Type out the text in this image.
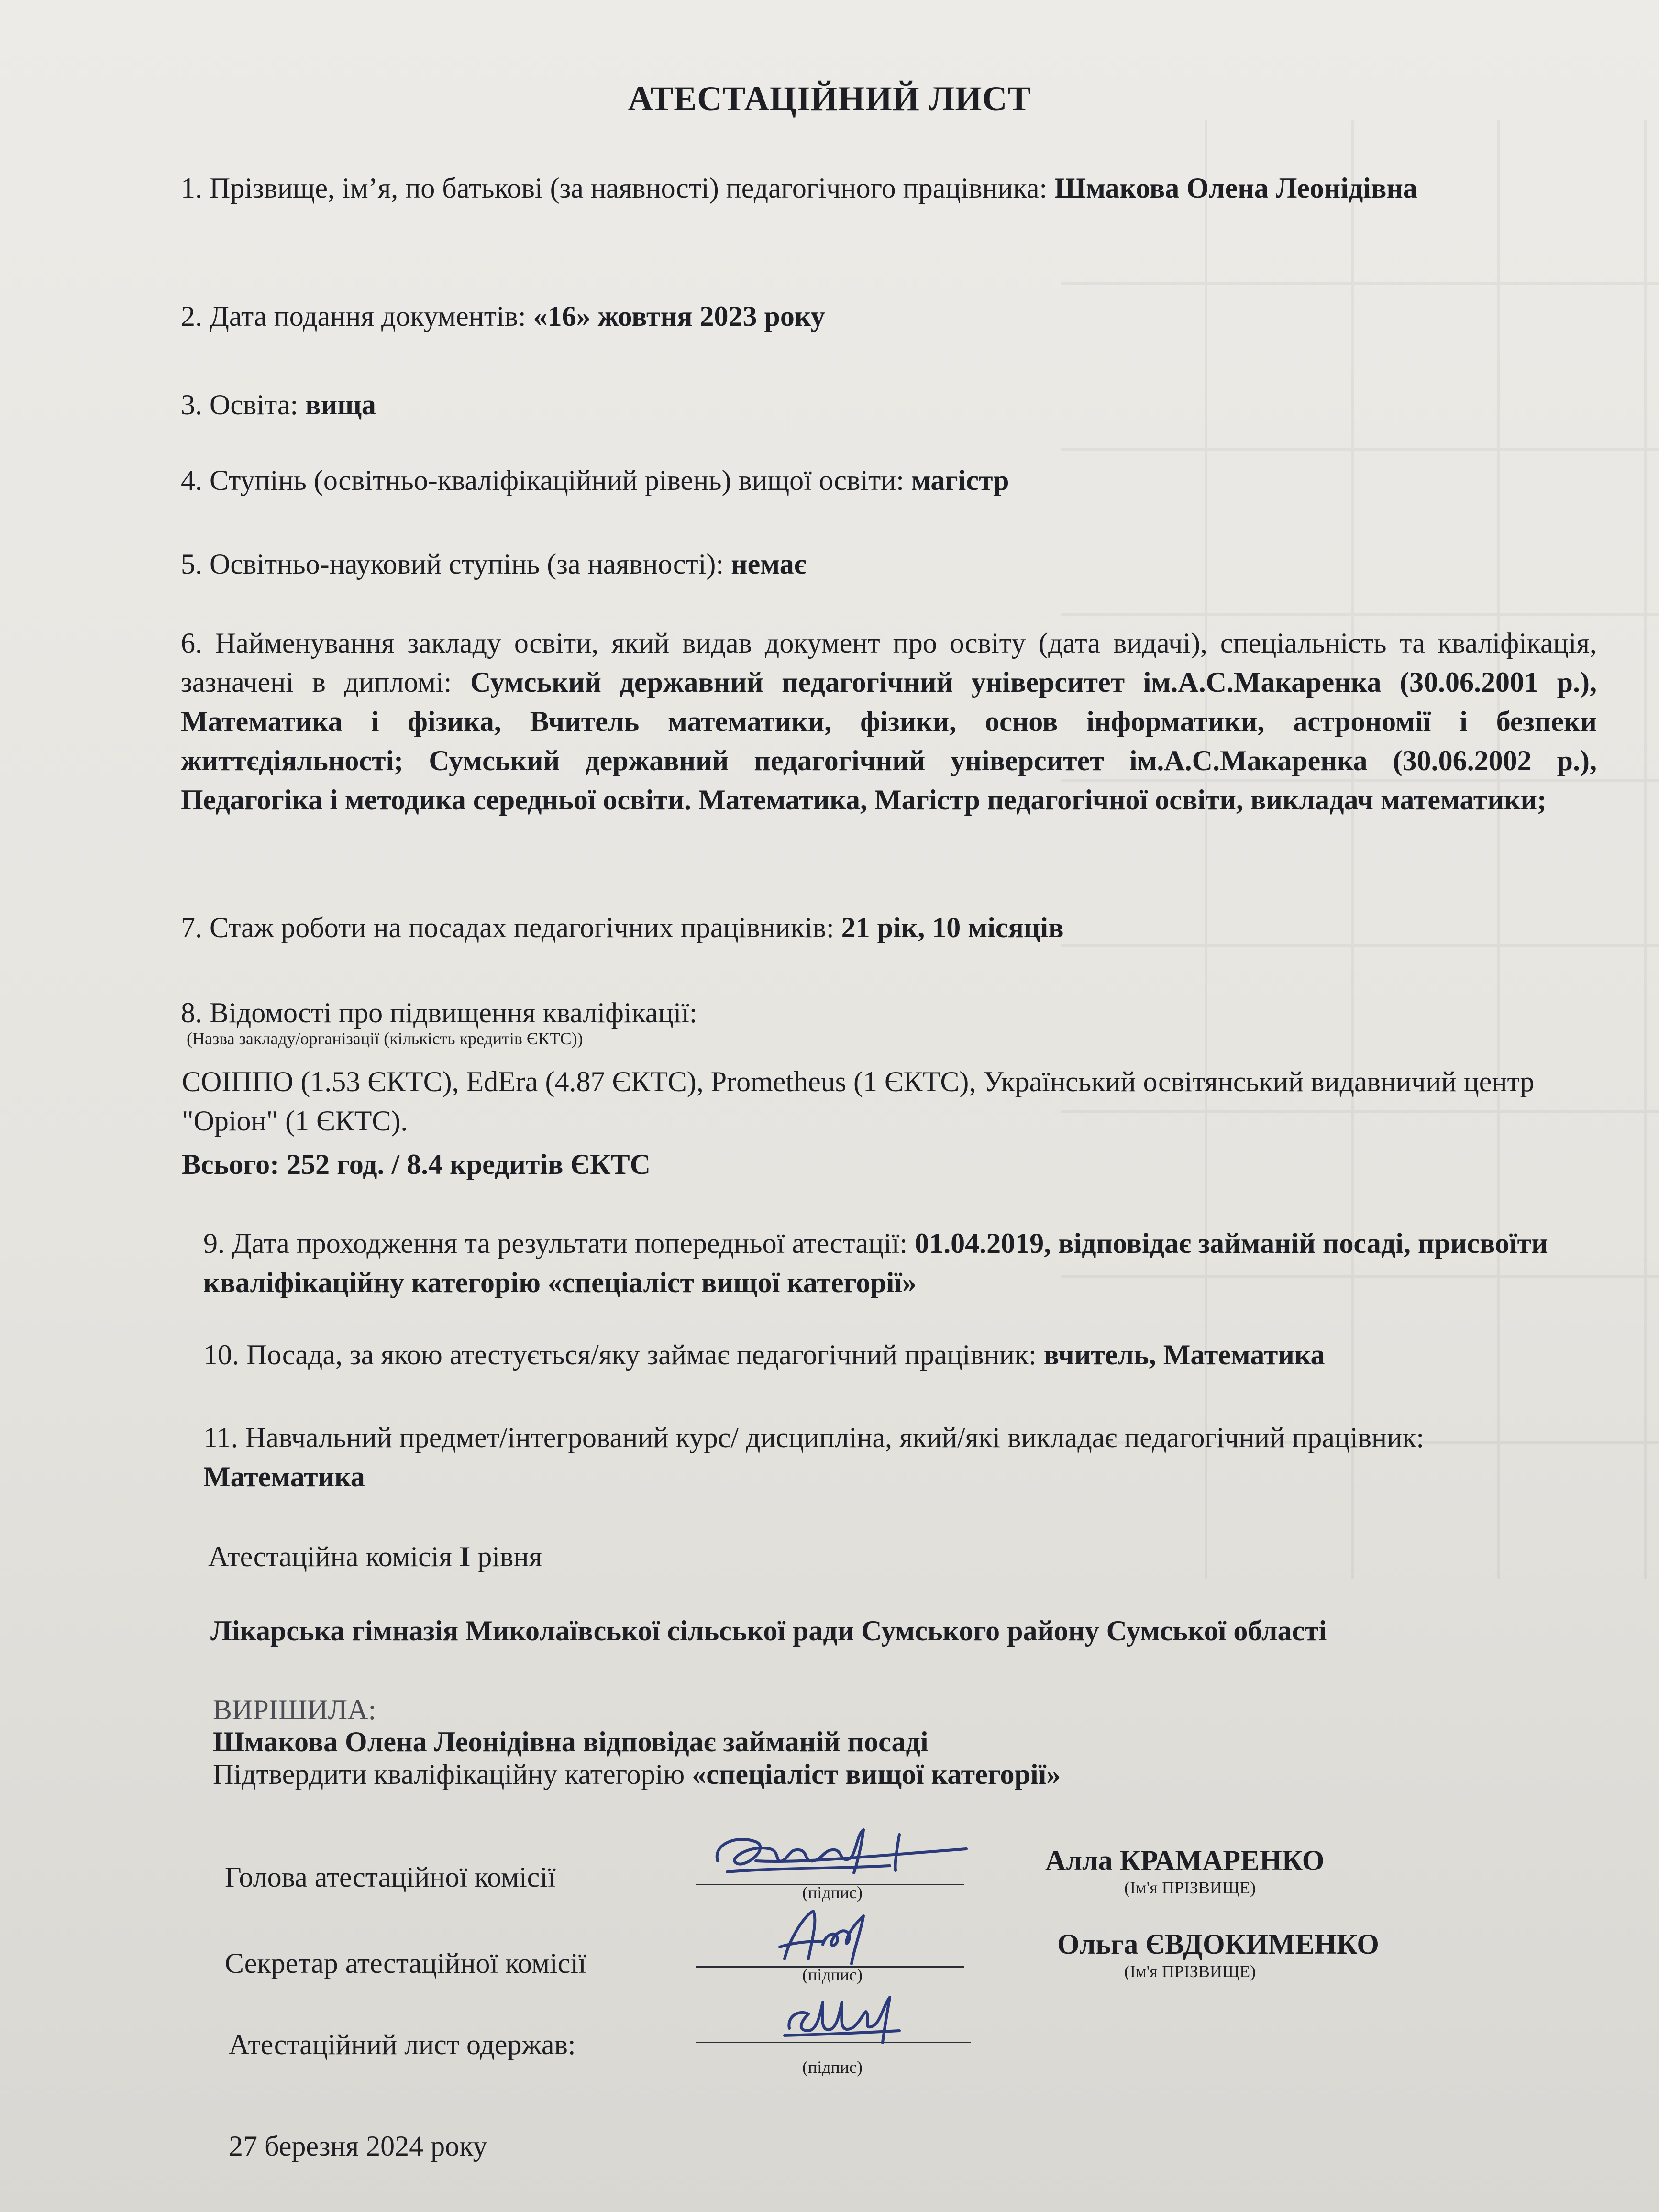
АТЕСТАЦІЙНИЙ ЛИСТ
1. Прізвище, ім’я, по батькові (за наявності) педагогічного працівника: Шмакова Олена Леонідівна
2. Дата подання документів: «16» жовтня 2023 року
3. Освіта: вища
4. Ступінь (освітньо-кваліфікаційний рівень) вищої освіти: магістр
5. Освітньо-науковий ступінь (за наявності): немає
6. Найменування закладу освіти, який видав документ про освіту (дата видачі), спеціальність та кваліфікація, зазначені в дипломі: Сумський державний педагогічний університет ім.А.С.Макаренка (30.06.2001 р.), Математика і фізика, Вчитель математики, фізики, основ інформатики, астрономії і безпеки життєдіяльності; Сумський державний педагогічний університет ім.А.С.Макаренка (30.06.2002 р.), Педагогіка і методика середньої освіти. Математика, Магістр педагогічної освіти, викладач математики;
7. Стаж роботи на посадах педагогічних працівників: 21 рік, 10 місяців
8. Відомості про підвищення кваліфікації:
(Назва закладу/організації (кількість кредитів ЄКТС))
СОІППО (1.53 ЄКТС), EdEra (4.87 ЄКТС), Prometheus (1 ЄКТС), Український освітянський видавничий центр "Оріон" (1 ЄКТС).
Всього: 252 год. / 8.4 кредитів ЄКТС
9. Дата проходження та результати попередньої атестації: 01.04.2019, відповідає займаній посаді, присвоїти кваліфікаційну категорію «спеціаліст вищої категорії»
10. Посада, за якою атестується/яку займає педагогічний працівник: вчитель, Математика
11. Навчальний предмет/інтегрований курс/ дисципліна, який/які викладає педагогічний працівник: Математика
Атестаційна комісія І рівня
Лікарська гімназія Миколаївської сільської ради Сумського району Сумської області
ВИРІШИЛА:
Шмакова Олена Леонідівна відповідає займаній посаді
Підтвердити кваліфікаційну категорію «спеціаліст вищої категорії»
Голова атестаційної комісії	(підпис)
Алла КРАМАРЕНКО
(Ім'я ПРІЗВИЩЕ)
Секретар атестаційної комісії	(підпис)
Ольга ЄВДОКИМЕНКО
(Ім'я ПРІЗВИЩЕ)
Атестаційний лист одержав:
(підпис)
27 березня 2024 року
